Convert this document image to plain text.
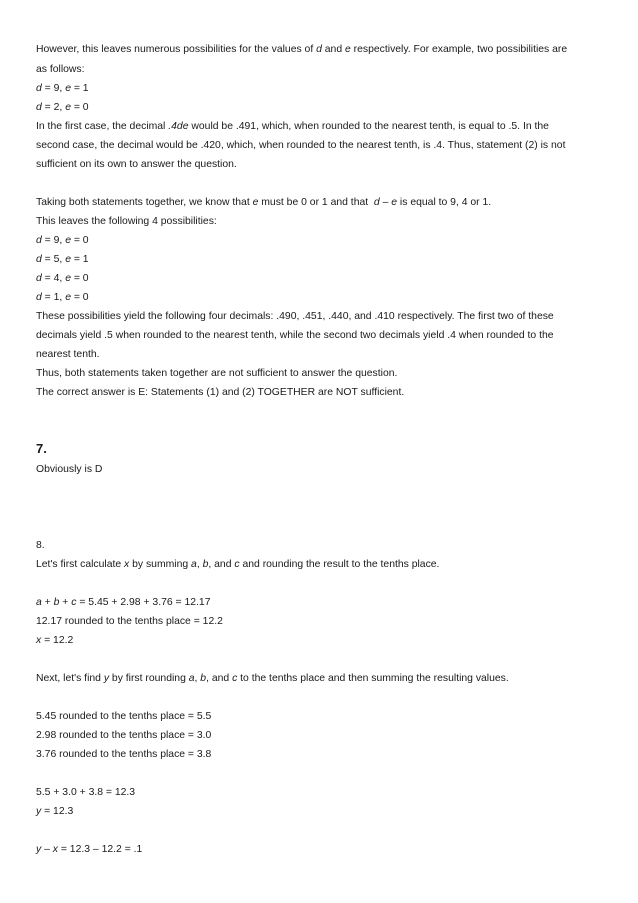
However, this leaves numerous possibilities for the values of d and e respectively. For example, two possibilities are
as follows:
d = 9, e = 1
d = 2, e = 0
In the first case, the decimal .4de would be .491, which, when rounded to the nearest tenth, is equal to .5. In the
second case, the decimal would be .420, which, when rounded to the nearest tenth, is .4. Thus, statement (2) is not
sufficient on its own to answer the question.
Taking both statements together, we know that e must be 0 or 1 and that  d – e is equal to 9, 4 or 1.
This leaves the following 4 possibilities:
d = 9, e = 0
d = 5, e = 1
d = 4, e = 0
d = 1, e = 0
These possibilities yield the following four decimals: .490, .451, .440, and .410 respectively. The first two of these
decimals yield .5 when rounded to the nearest tenth, while the second two decimals yield .4 when rounded to the
nearest tenth.
Thus, both statements taken together are not sufficient to answer the question.
The correct answer is E: Statements (1) and (2) TOGETHER are NOT sufficient.
7.
Obviously is D
8.
Let's first calculate x by summing a, b, and c and rounding the result to the tenths place.
a + b + c = 5.45 + 2.98 + 3.76 = 12.17
12.17 rounded to the tenths place = 12.2
x = 12.2
Next, let's find y by first rounding a, b, and c to the tenths place and then summing the resulting values.
5.45 rounded to the tenths place = 5.5
2.98 rounded to the tenths place = 3.0
3.76 rounded to the tenths place = 3.8
5.5 + 3.0 + 3.8 = 12.3
y = 12.3
y – x = 12.3 – 12.2 = .1
